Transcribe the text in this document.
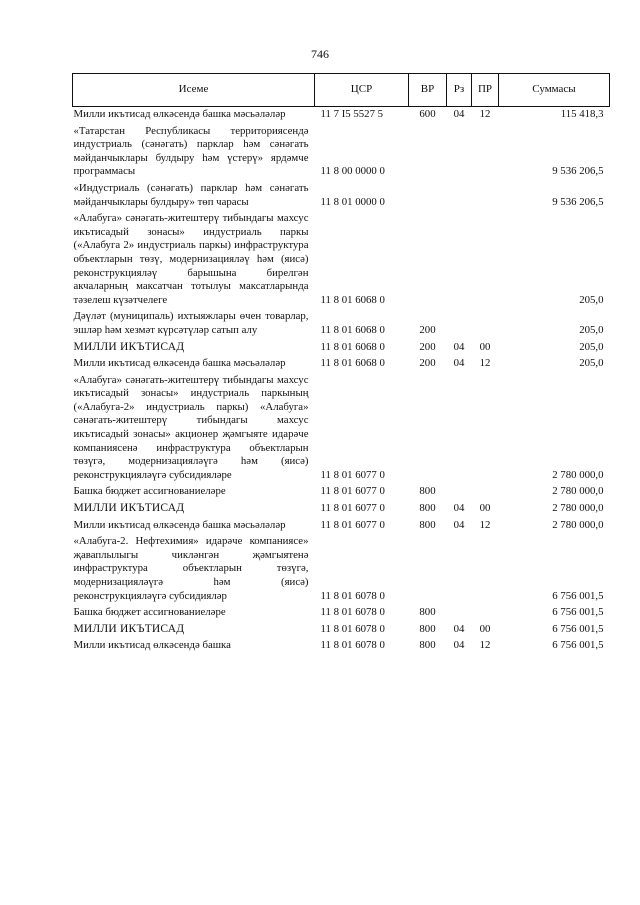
746
Исеме	ЦСР	ВР	Рз	ПР	Суммасы
Милли икътисад өлкәсендә башка мәсьәләләр	11 7 I5 5527 5	600	04	12	115 418,3
«Татарстан Республикасы территориясендә индустриаль (сәнәгать) парклар һәм сәнәгать мәйданчыклары булдыру һәм үстерү» ярдәмче программасы	11 8 00 0000 0				9 536 206,5
«Индустриаль (сәнәгать) парклар һәм сәнәгать мәйданчыклары булдыру» төп чарасы	11 8 01 0000 0				9 536 206,5
«Алабуга» сәнәгать-житештерү тибындагы махсус икътисадый зонасы» индустриаль паркы («Алабуга 2» индустриаль паркы) инфраструктура объектларын төзү, модернизацияләү һәм (яисә) реконструкцияләү барышына бирелгән акчаларның максатчан тотылуы максатларында тәзелеш күзәтчелеге	11 8 01 6068 0				205,0
Дәүләт (муниципаль) ихтыяжлары өчен товарлар, эшләр һәм хезмәт күрсәтүләр сатып алу	11 8 01 6068 0	200			205,0
МИЛЛИ ИКЪТИСАД	11 8 01 6068 0	200	04	00	205,0
Милли икътисад өлкәсендә башка мәсьәләләр	11 8 01 6068 0	200	04	12	205,0
«Алабуга» сәнәгать-житештерү тибындагы махсус икътисадый зонасы» индустриаль паркының («Алабуга-2» индустриаль паркы) «Алабуга» сәнәгать-житештерү тибындагы махсус икътисадый зонасы» акционер җәмгыяте идарәче компаниясенә инфраструктура объектларын төзүгә, модернизацияләүгә һәм (яисә) реконструкцияләүгә субсидияләре	11 8 01 6077 0				2 780 000,0
Башка бюджет ассигнованиеләре	11 8 01 6077 0	800			2 780 000,0
МИЛЛИ ИКЪТИСАД	11 8 01 6077 0	800	04	00	2 780 000,0
Милли икътисад өлкәсендә башка мәсьәләләр	11 8 01 6077 0	800	04	12	2 780 000,0
«Алабуга-2. Нефтехимия» идарәче компаниясе» җаваплылыгы чикләнгән җәмгыятенә инфраструктура объектларын төзүгә, модернизацияләүгә һәм (яисә) реконструкцияләүгә субсидияләр	11 8 01 6078 0				6 756 001,5
Башка бюджет ассигнованиеләре	11 8 01 6078 0	800			6 756 001,5
МИЛЛИ ИКЪТИСАД	11 8 01 6078 0	800	04	00	6 756 001,5
Милли икътисад өлкәсендә башка	11 8 01 6078 0	800	04	12	6 756 001,5
